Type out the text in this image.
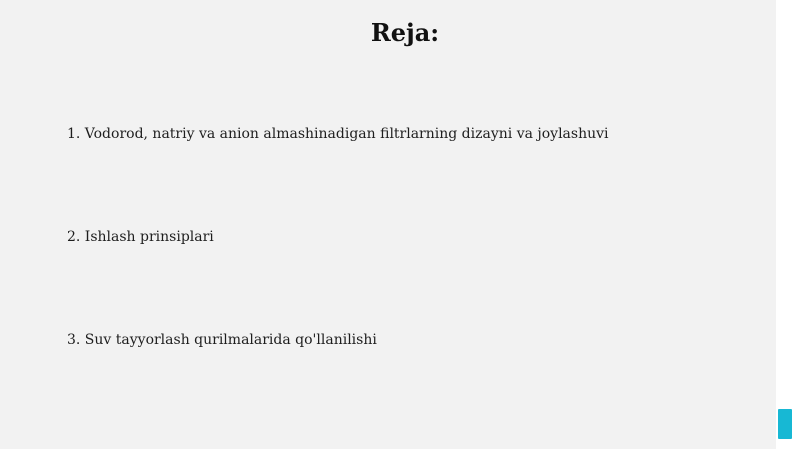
Reja:
1. Vodorod, natriy va anion almashinadigan filtrlarning dizayni va joylashuvi
2. Ishlash prinsiplari
3. Suv tayyorlash qurilmalarida qo'llanilishi
